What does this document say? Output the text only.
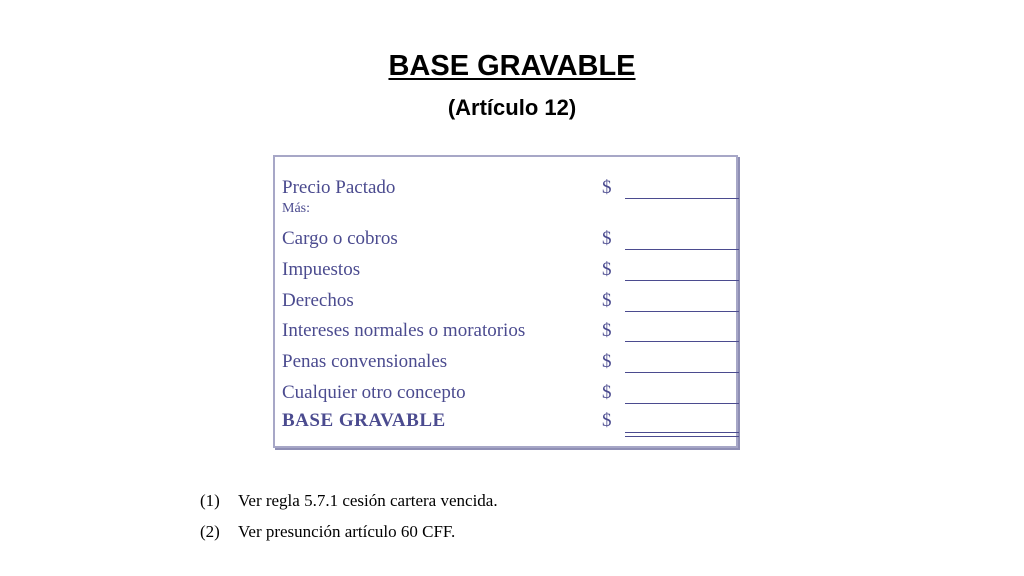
BASE GRAVABLE
(Artículo 12)
Precio Pactado	$
Más:
Cargo o cobros	$
Impuestos	$
Derechos	$
Intereses normales o moratorios	$
Penas convensionales	$
Cualquier otro concepto	$
BASE GRAVABLE	$
(1) Ver regla 5.7.1 cesión cartera vencida.
(2) Ver presunción artículo 60 CFF.
